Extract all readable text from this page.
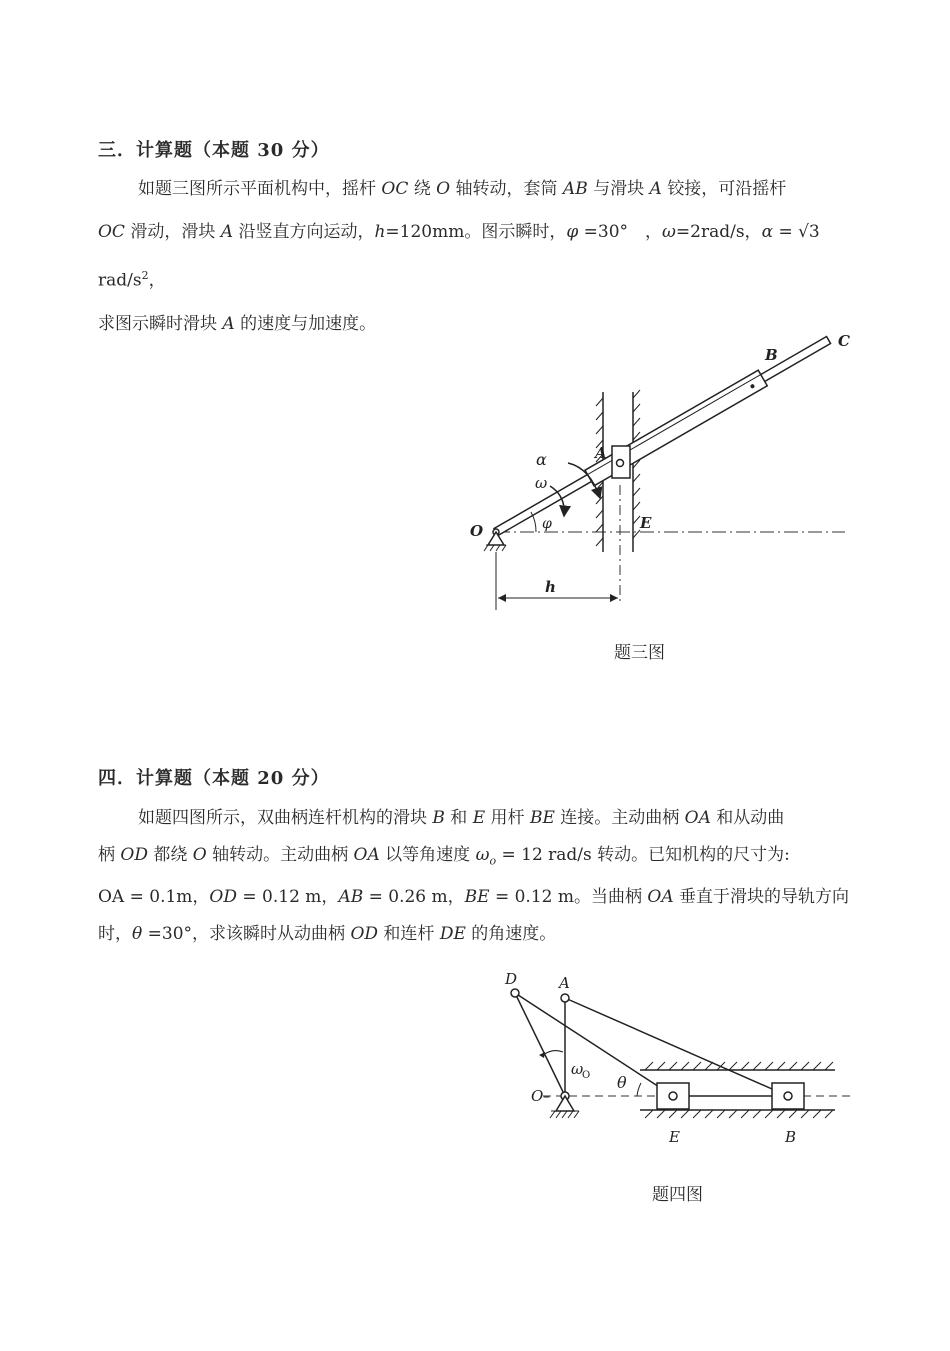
三．计算题（本题 30 分）
如题三图所示平面机构中，摇杆 OC 绕 O 轴转动，套筒 AB 与滑块 A 铰接，可沿摇杆
OC 滑动，滑块 A 沿竖直方向运动，h=120mm。图示瞬时，φ =30°　，ω=2rad/s，α = √3 rad/$s^2$，
求图示瞬时滑块 A 的速度与加速度。
C
B
A
α
ω
O	φ	E
h
题三图
四．计算题（本题 20 分）
如题四图所示，双曲柄连杆机构的滑块 B 和 E 用杆 BE 连接。主动曲柄 OA 和从动曲
柄 OD 都绕 O 轴转动。主动曲柄 OA 以等角速度 $\omega_o = 12$ rad/s 转动。已知机构的尺寸为:
OA = 0.1m，OD = 0.12 m，AB = 0.26 m，BE = 0.12 m。当曲柄 OA 垂直于滑块的导轨方向
时，θ =30°，求该瞬时从动曲柄 OD 和连杆 DE 的角速度。
D	A
ω
O
O
θ
E	B
–
题四图
